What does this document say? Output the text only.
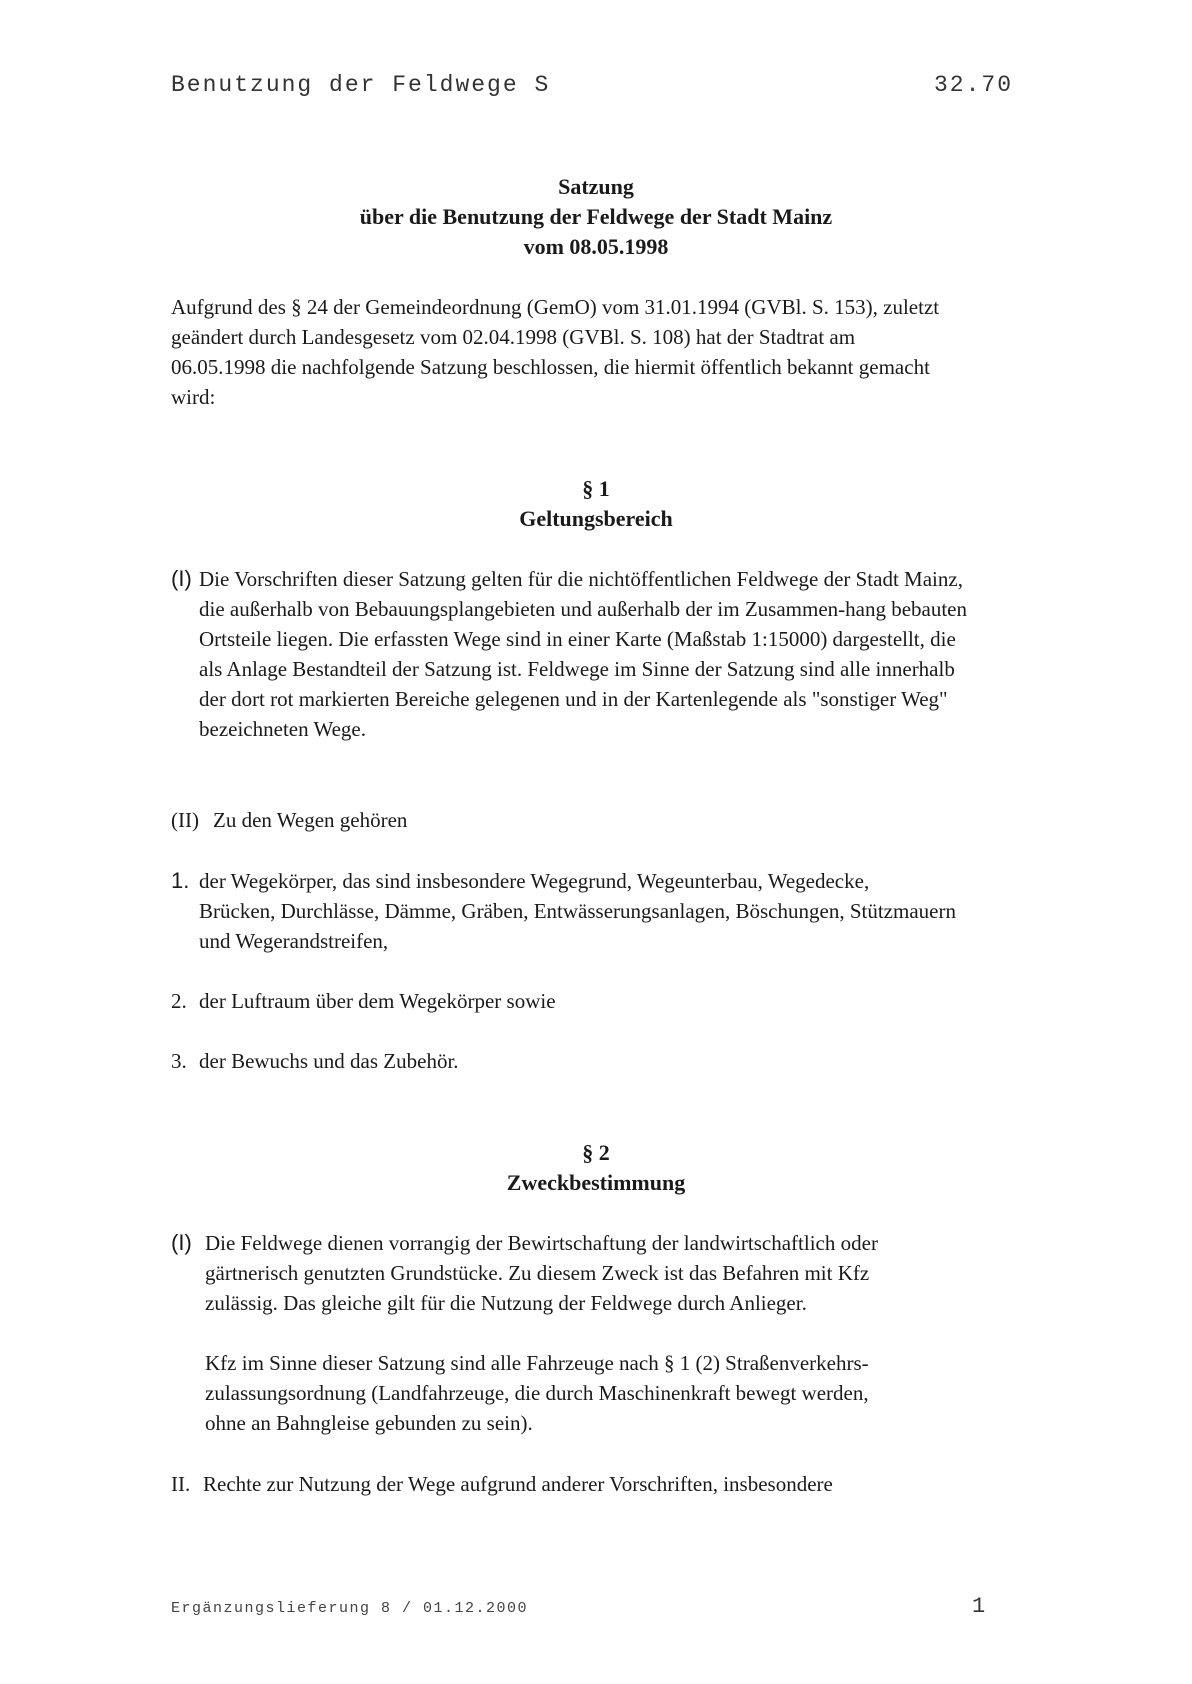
Benutzung der Feldwege S	32.70
Satzung
über die Benutzung der Feldwege der Stadt Mainz
vom 08.05.1998
Aufgrund des § 24 der Gemeindeordnung (GemO) vom 31.01.1994 (GVBl. S. 153), zuletzt
geändert durch Landesgesetz vom 02.04.1998 (GVBl. S. 108) hat der Stadtrat am
06.05.1998 die nachfolgende Satzung beschlossen, die hiermit öffentlich bekannt gemacht
wird:
§ 1
Geltungsbereich
(I) Die Vorschriften dieser Satzung gelten für die nichtöffentlichen Feldwege der Stadt Mainz,
die außerhalb von Bebauungsplangebieten und außerhalb der im Zusammen-hang bebauten
Ortsteile liegen. Die erfassten Wege sind in einer Karte (Maßstab 1:15000) dargestellt, die
als Anlage Bestandteil der Satzung ist. Feldwege im Sinne der Satzung sind alle innerhalb
der dort rot markierten Bereiche gelegenen und in der Kartenlegende als "sonstiger Weg"
bezeichneten Wege.
(II) Zu den Wegen gehören
1. der Wegekörper, das sind insbesondere Wegegrund, Wegeunterbau, Wegedecke,
Brücken, Durchlässe, Dämme, Gräben, Entwässerungsanlagen, Böschungen, Stützmauern
und Wegerandstreifen,
2. der Luftraum über dem Wegekörper sowie
3. der Bewuchs und das Zubehör.
§ 2
Zweckbestimmung
(I) Die Feldwege dienen vorrangig der Bewirtschaftung der landwirtschaftlich oder
gärtnerisch genutzten Grundstücke. Zu diesem Zweck ist das Befahren mit Kfz
zulässig. Das gleiche gilt für die Nutzung der Feldwege durch Anlieger.
Kfz im Sinne dieser Satzung sind alle Fahrzeuge nach § 1 (2) Straßenverkehrs-
zulassungsordnung (Landfahrzeuge, die durch Maschinenkraft bewegt werden,
ohne an Bahngleise gebunden zu sein).
II. Rechte zur Nutzung der Wege aufgrund anderer Vorschriften, insbesondere
Ergänzungslieferung 8 / 01.12.2000	1
